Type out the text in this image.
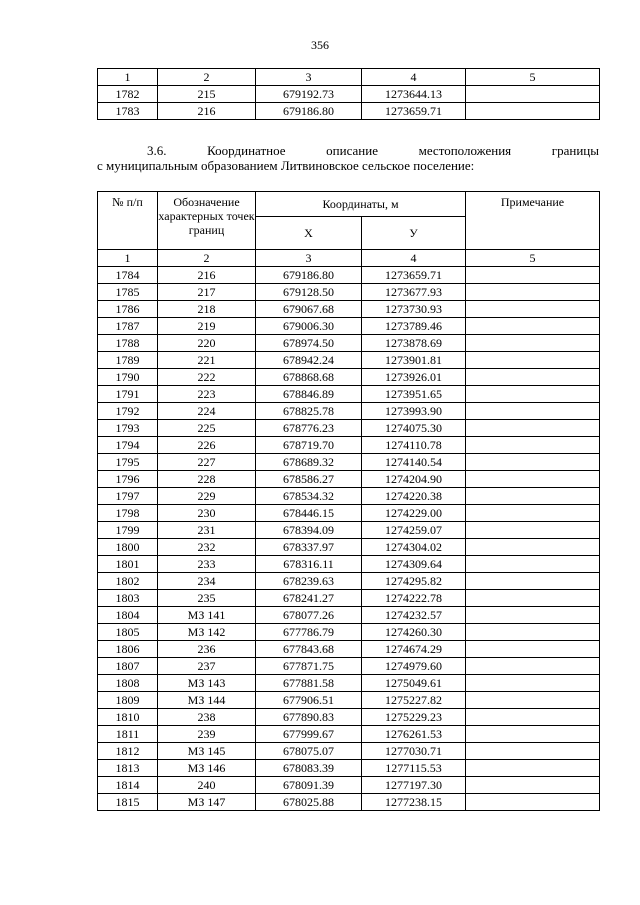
356
1	2	3	4	5
1782	215	679192.73	1273644.13	
1783	216	679186.80	1273659.71	
3.6.	Координатное	описание	местоположения	границы
с муниципальным образованием Литвиновское сельское поселение:
№ п/п	Обозначение характерных точек границ	Координаты, м		Примечание
		X	У	
1	2	3	4	5
1784	216	679186.80	1273659.71	
1785	217	679128.50	1273677.93	
1786	218	679067.68	1273730.93	
1787	219	679006.30	1273789.46	
1788	220	678974.50	1273878.69	
1789	221	678942.24	1273901.81	
1790	222	678868.68	1273926.01	
1791	223	678846.89	1273951.65	
1792	224	678825.78	1273993.90	
1793	225	678776.23	1274075.30	
1794	226	678719.70	1274110.78	
1795	227	678689.32	1274140.54	
1796	228	678586.27	1274204.90	
1797	229	678534.32	1274220.38	
1798	230	678446.15	1274229.00	
1799	231	678394.09	1274259.07	
1800	232	678337.97	1274304.02	
1801	233	678316.11	1274309.64	
1802	234	678239.63	1274295.82	
1803	235	678241.27	1274222.78	
1804	МЗ 141	678077.26	1274232.57	
1805	МЗ 142	677786.79	1274260.30	
1806	236	677843.68	1274674.29	
1807	237	677871.75	1274979.60	
1808	МЗ 143	677881.58	1275049.61	
1809	МЗ 144	677906.51	1275227.82	
1810	238	677890.83	1275229.23	
1811	239	677999.67	1276261.53	
1812	МЗ 145	678075.07	1277030.71	
1813	МЗ 146	678083.39	1277115.53	
1814	240	678091.39	1277197.30	
1815	МЗ 147	678025.88	1277238.15	
